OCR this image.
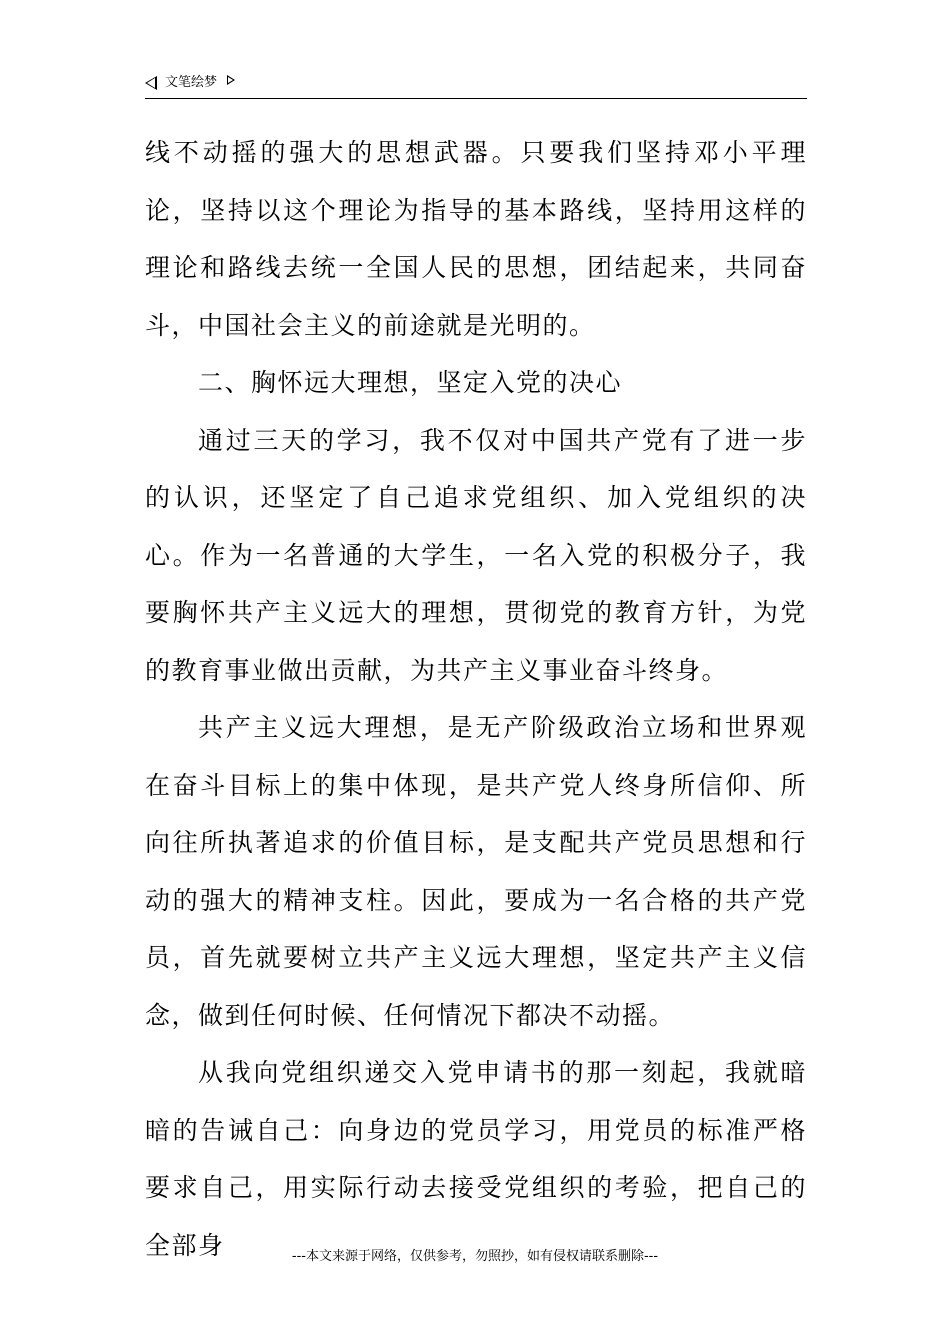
文笔绘梦

线不动摇的强大的思想武器。只要我们坚持邓小平理论，坚持以这个理论为指导的基本路线，坚持用这样的理论和路线去统一全国人民的思想，团结起来，共同奋斗，中国社会主义的前途就是光明的。

二、胸怀远大理想，坚定入党的决心

通过三天的学习，我不仅对中国共产党有了进一步的认识，还坚定了自己追求党组织、加入党组织的决心。作为一名普通的大学生，一名入党的积极分子，我要胸怀共产主义远大的理想，贯彻党的教育方针，为党的教育事业做出贡献，为共产主义事业奋斗终身。

共产主义远大理想，是无产阶级政治立场和世界观在奋斗目标上的集中体现，是共产党人终身所信仰、所向往所执著追求的价值目标，是支配共产党员思想和行动的强大的精神支柱。因此，要成为一名合格的共产党员，首先就要树立共产主义远大理想，坚定共产主义信念，做到任何时候、任何情况下都决不动摇。

从我向党组织递交入党申请书的那一刻起，我就暗暗的告诫自己：向身边的党员学习，用党员的标准严格要求自己，用实际行动去接受党组织的考验，把自己的全部身	---本文来源于网络，仅供参考，勿照抄，如有侵权请联系删除---
